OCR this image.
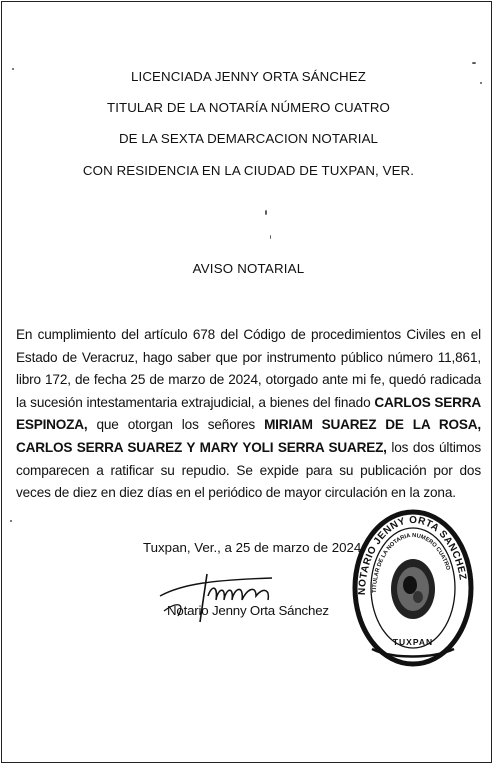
LICENCIADA JENNY ORTA SÁNCHEZ
TITULAR DE LA NOTARÍA NÚMERO CUATRO
DE LA SEXTA DEMARCACION NOTARIAL
CON RESIDENCIA EN LA CIUDAD DE TUXPAN, VER.
AVISO NOTARIAL
En cumplimiento del artículo 678 del Código de procedimientos Civiles en el Estado de Veracruz, hago saber que por instrumento público número 11,861, libro 172, de fecha 25 de marzo de 2024, otorgado ante mi fe, quedó radicada la sucesión intestamentaria extrajudicial, a bienes del finado CARLOS SERRA ESPINOZA, que otorgan los señores MIRIAM SUAREZ DE LA ROSA, CARLOS SERRA SUAREZ Y MARY YOLI SERRA SUAREZ, los dos últimos comparecen a ratificar su repudio. Se expide para su publicación por dos veces de diez en diez días en el periódico de mayor circulación en la zona.
Tuxpan, Ver., a 25 de marzo de 2024.
Notario Jenny Orta Sánchez
NOTARIO JENNY ORTA SANCHEZ
TITULAR DE LA NOTARIA NUMERO CUATRO
TUXPAN
